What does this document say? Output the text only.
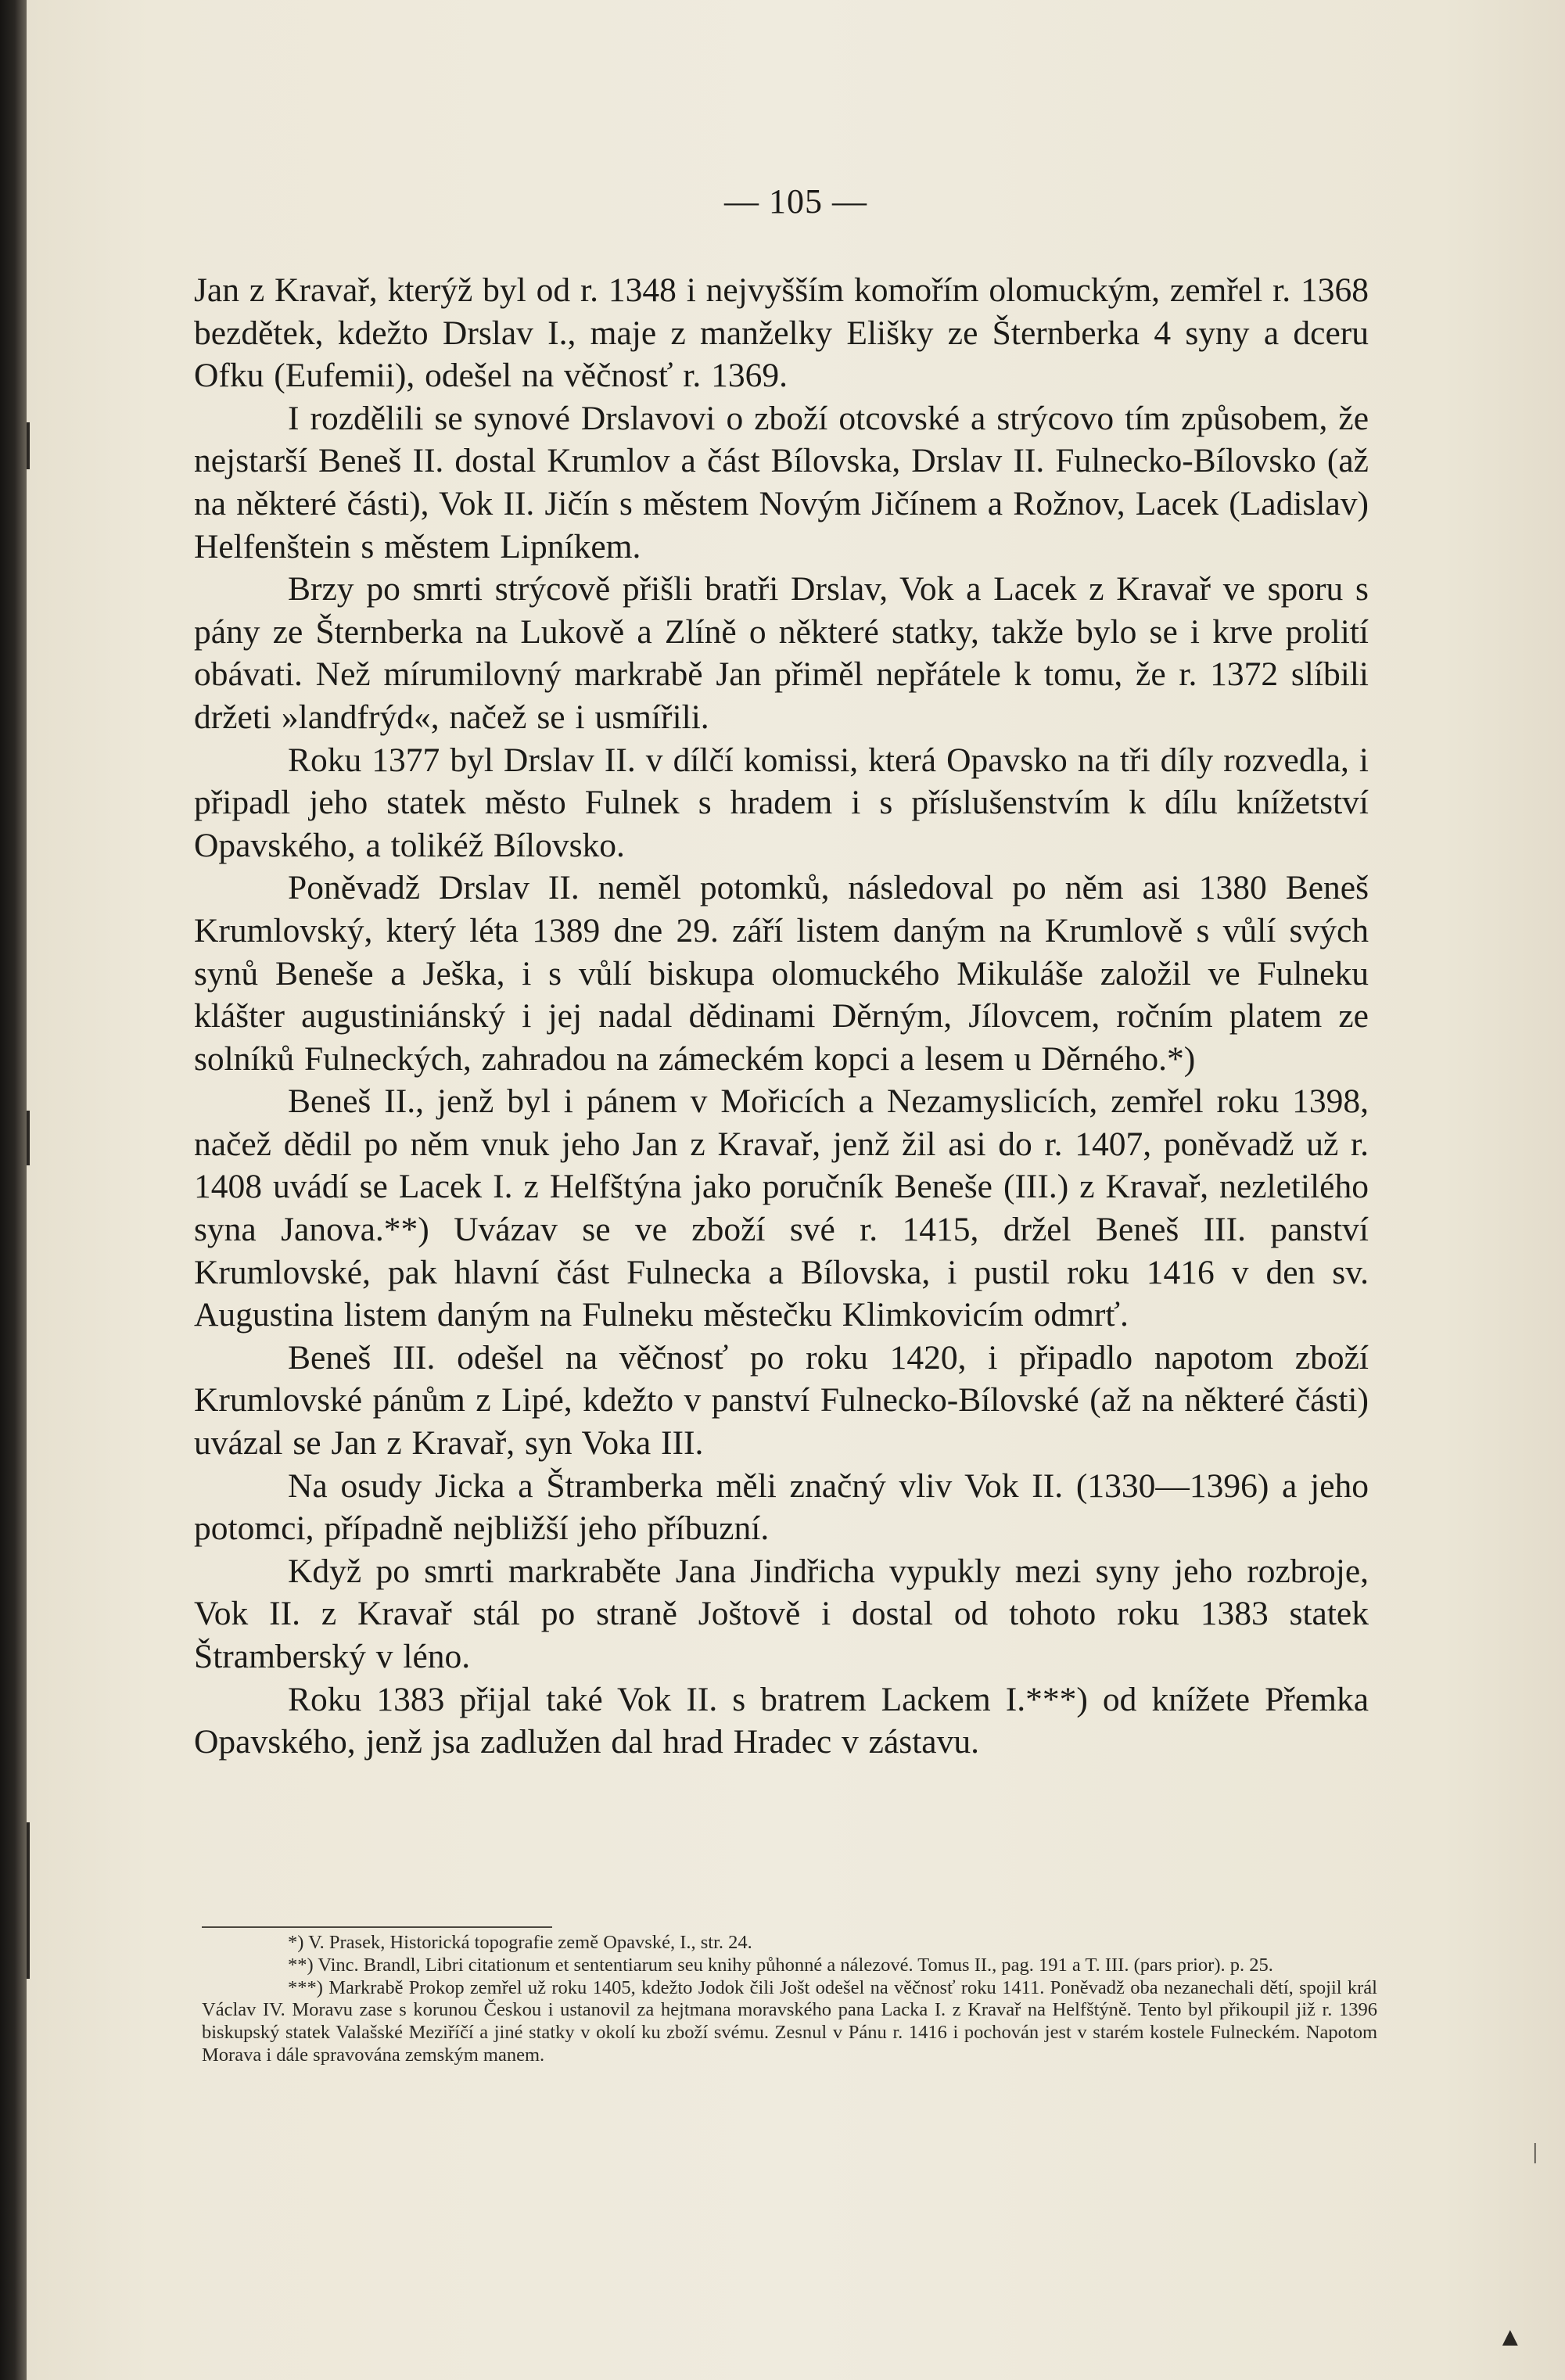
— 105 —

Jan z Kravař, kterýž byl od r. 1348 i nejvyšším komořím olomuckým, zemřel r. 1368 bezdětek, kdežto Drslav I., maje z manželky Elišky ze Šternberka 4 syny a dceru Ofku (Eufemii), odešel na věčnosť r. 1369.

I rozdělili se synové Drslavovi o zboží otcovské a strýcovo tím způsobem, že nejstarší Beneš II. dostal Krumlov a část Bílovska, Drslav II. Fulnecko-Bílovsko (až na některé části), Vok II. Jičín s městem Novým Jičínem a Rožnov, Lacek (Ladislav) Helfenštein s městem Lipníkem.

Brzy po smrti strýcově přišli bratři Drslav, Vok a Lacek z Kravař ve sporu s pány ze Šternberka na Lukově a Zlíně o některé statky, takže bylo se i krve prolití obávati. Než mírumilovný markrabě Jan přiměl nepřátele k tomu, že r. 1372 slíbili držeti »landfrýd«, načež se i usmířili.

Roku 1377 byl Drslav II. v dílčí komissi, která Opavsko na tři díly rozvedla, i připadl jeho statek město Fulnek s hradem i s příslušenstvím k dílu knížetství Opavského, a tolikéž Bílovsko.

Poněvadž Drslav II. neměl potomků, následoval po něm asi 1380 Beneš Krumlovský, který léta 1389 dne 29. září listem daným na Krumlově s vůlí svých synů Beneše a Ješka, i s vůlí biskupa olomuckého Mikuláše založil ve Fulneku klášter augustiniánský i jej nadal dědinami Děrným, Jílovcem, ročním platem ze solníků Fulneckých, zahradou na zámeckém kopci a lesem u Děrného.*)

Beneš II., jenž byl i pánem v Mořicích a Nezamyslicích, zemřel roku 1398, načež dědil po něm vnuk jeho Jan z Kravař, jenž žil asi do r. 1407, poněvadž už r. 1408 uvádí se Lacek I. z Helfštýna jako poručník Beneše (III.) z Kravař, nezletilého syna Janova.**) Uvázav se ve zboží své r. 1415, držel Beneš III. panství Krumlovské, pak hlavní část Fulnecka a Bílovska, i pustil roku 1416 v den sv. Augustina listem daným na Fulneku městečku Klimkovicím odmrť.

Beneš III. odešel na věčnosť po roku 1420, i připadlo napotom zboží Krumlovské pánům z Lipé, kdežto v panství Fulnecko-Bílovské (až na některé části) uvázal se Jan z Kravař, syn Voka III.

Na osudy Jicka a Štramberka měli značný vliv Vok II. (1330—1396) a jeho potomci, případně nejbližší jeho příbuzní.

Když po smrti markraběte Jana Jindřicha vypukly mezi syny jeho rozbroje, Vok II. z Kravař stál po straně Joštově i dostal od tohoto roku 1383 statek Štramberský v léno.

Roku 1383 přijal také Vok II. s bratrem Lackem I.***) od knížete Přemka Opavského, jenž jsa zadlužen dal hrad Hradec v zástavu.

*) V. Prasek, Historická topografie země Opavské, I., str. 24.

**) Vinc. Brandl, Libri citationum et sententiarum seu knihy půhonné a nálezové. Tomus II., pag. 191 a T. III. (pars prior). p. 25.

***) Markrabě Prokop zemřel už roku 1405, kdežto Jodok čili Jošt odešel na věčnosť roku 1411. Poněvadž oba nezanechali dětí, spojil král Václav IV. Moravu zase s korunou Českou i ustanovil za hejtmana moravského pana Lacka I. z Kravař na Helfštýně. Tento byl přikoupil již r. 1396 biskupský statek Valašské Meziříčí a jiné statky v okolí ku zboží svému. Zesnul v Pánu r. 1416 i pochován jest v starém kostele Fulneckém. Napotom Morava i dále spravována zemským manem.

|
▲
